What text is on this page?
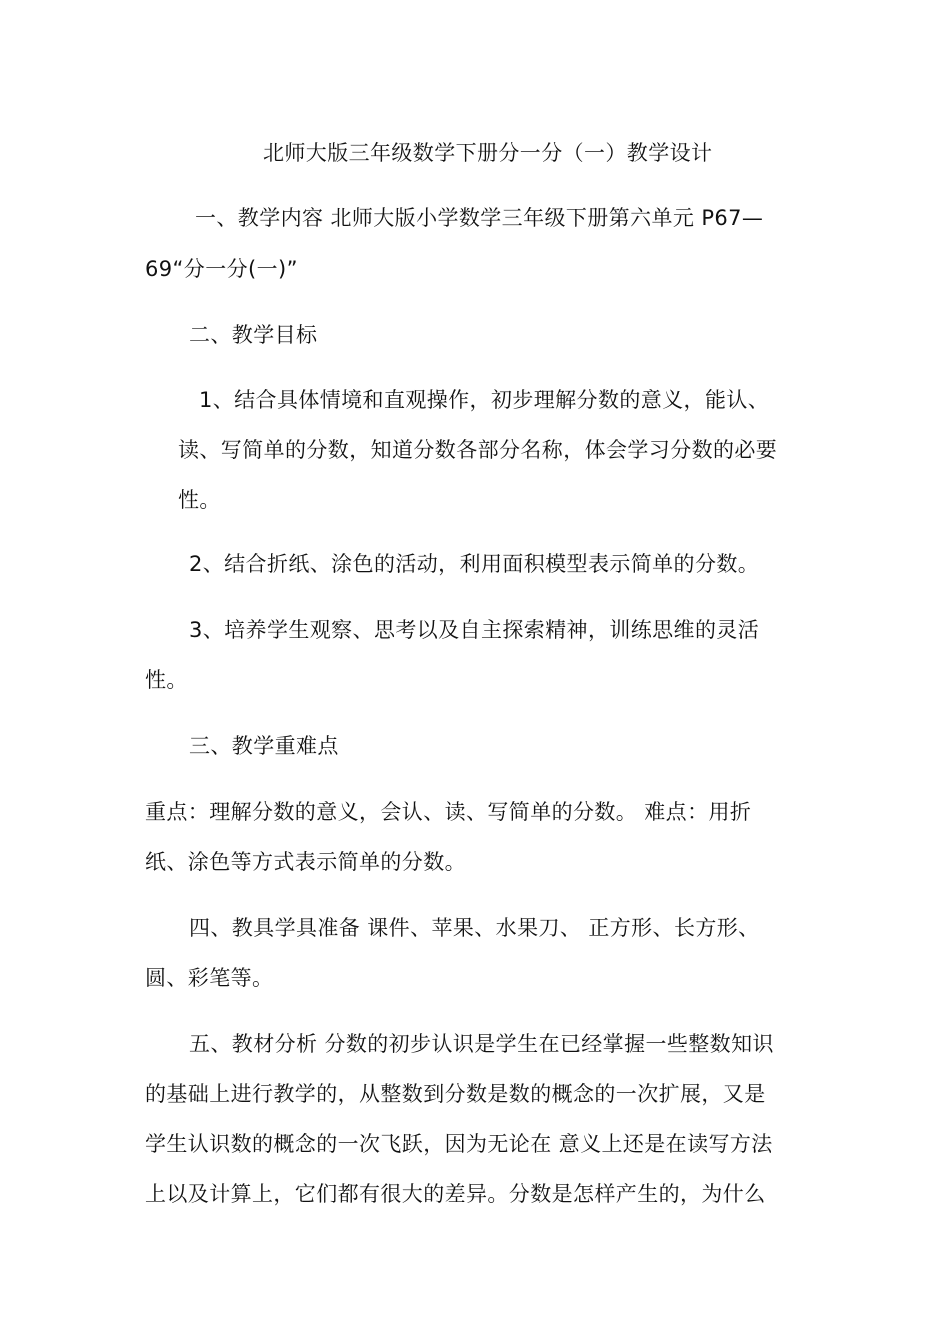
北师大版三年级数学下册分一分（一）教学设计
一、教学内容 北师大版小学数学三年级下册第六单元 P67—
69“分一分(一)”
二、教学目标
1、结合具体情境和直观操作，初步理解分数的意义，能认、
读、写简单的分数，知道分数各部分名称，体会学习分数的必要
性。
2、结合折纸、涂色的活动，利用面积模型表示简单的分数。
3、培养学生观察、思考以及自主探索精神，训练思维的灵活
性。
三、教学重难点
重点：理解分数的意义，会认、读、写简单的分数。 难点：用折
纸、涂色等方式表示简单的分数。
四、教具学具准备 课件、苹果、水果刀、 正方形、长方形、
圆、彩笔等。
五、教材分析 分数的初步认识是学生在已经掌握一些整数知识
的基础上进行教学的，从整数到分数是数的概念的一次扩展，又是
学生认识数的概念的一次飞跃，因为无论在 意义上还是在读写方法
上以及计算上，它们都有很大的差异。分数是怎样产生的，为什么
